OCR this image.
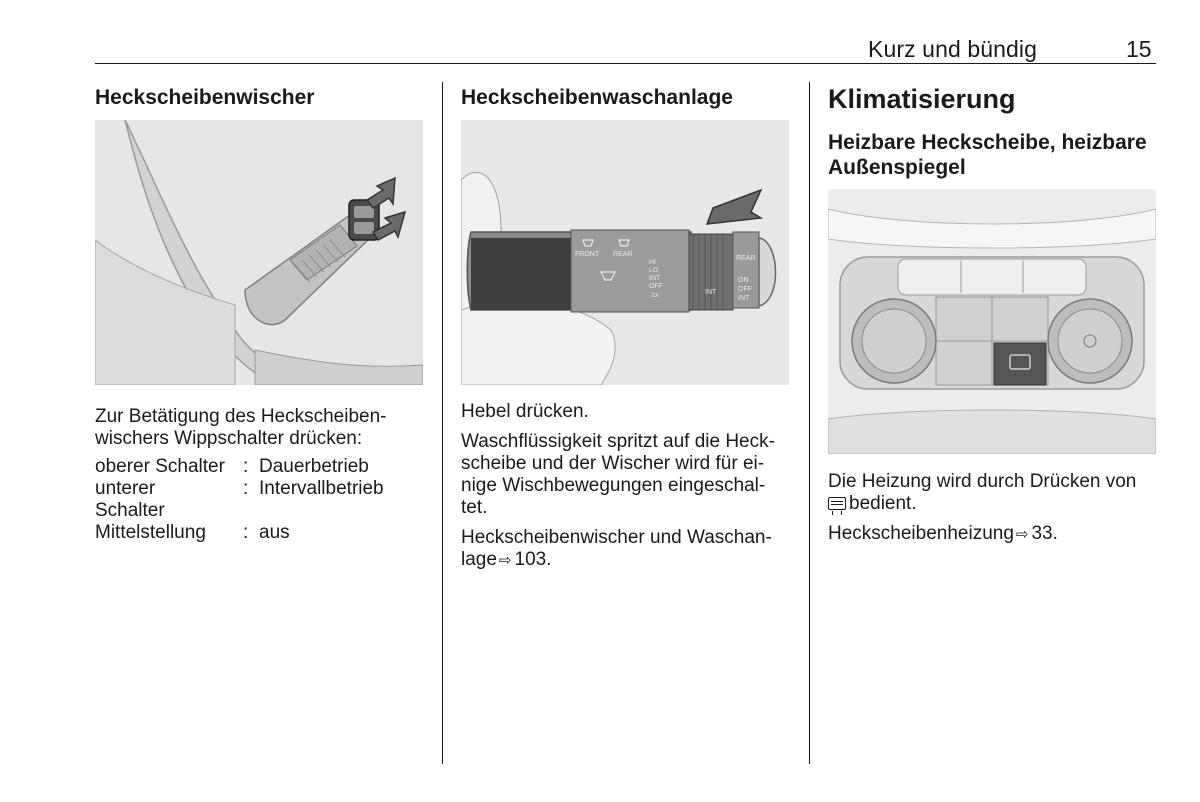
Kurz und bündig	15
Heckscheibenwischer

Zur Betätigung des Heckscheiben-
wischers Wippschalter drücken:

oberer Schalter : Dauerbetrieb
unterer
Schalter
: Intervallbetrieb
Mittelstellung	: aus
Heckscheibenwaschanlage
FRONT REAR
HI
LO
INT
OFF
1x	INT
REAR
ON
OFF
INT

Hebel drücken.

Waschflüssigkeit spritzt auf die Heck-
scheibe und der Wischer wird für ei-
nige Wischbewegungen eingeschal-
tet.

Heckscheibenwischer und Waschan-
lage ⇨ 103.

Klimatisierung
Heizbare Heckscheibe, heizbare
Außenspiegel

Die Heizung wird durch Drücken von
bedient.

Heckscheibenheizung ⇨ 33.
